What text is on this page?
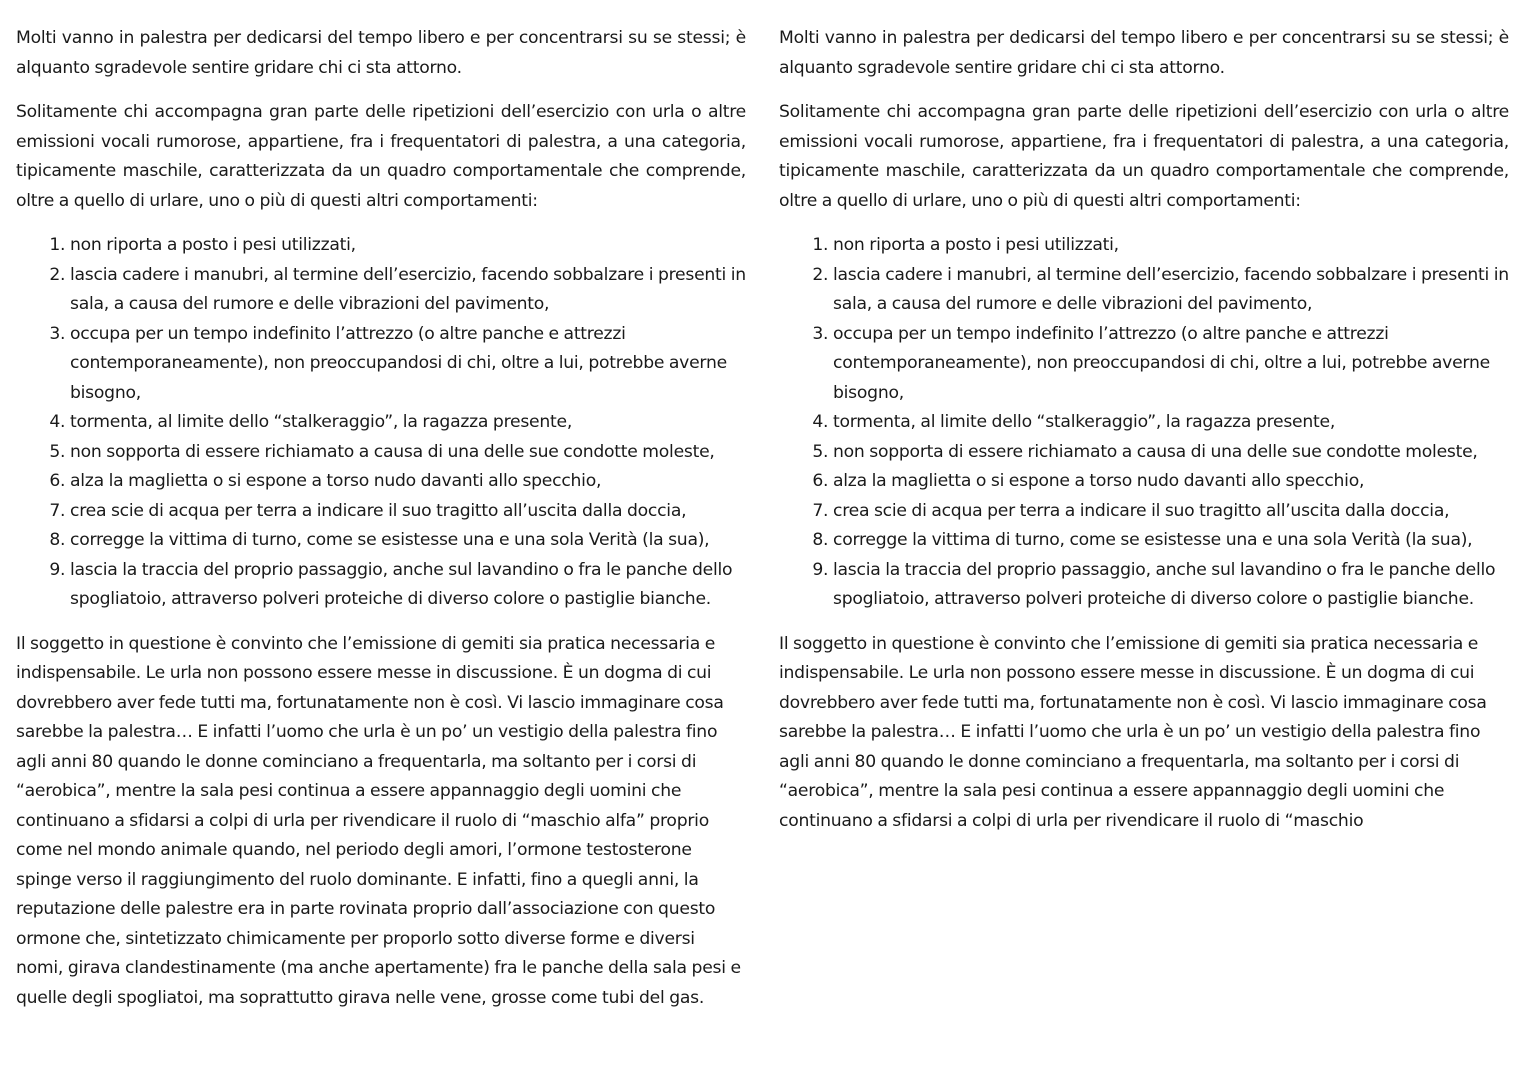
Molti vanno in palestra per dedicarsi del tempo libero e per concentrarsi su se stessi; è alquanto sgradevole sentire gridare chi ci sta attorno.

Solitamente chi accompagna gran parte delle ripetizioni dell’esercizio con urla o altre emissioni vocali rumorose, appartiene, fra i frequentatori di palestra, a una categoria, tipicamente maschile, caratterizzata da un quadro comportamentale che comprende, oltre a quello di urlare, uno o più di questi altri comportamenti:

1. non riporta a posto i pesi utilizzati,
2. lascia cadere i manubri, al termine dell’esercizio, facendo sobbalzare i presenti in sala, a causa del rumore e delle vibrazioni del pavimento,
3. occupa per un tempo indefinito l’attrezzo (o altre panche e attrezzi contemporaneamente), non preoccupandosi di chi, oltre a lui, potrebbe averne bisogno,
4. tormenta, al limite dello “stalkeraggio”, la ragazza presente,
5. non sopporta di essere richiamato a causa di una delle sue condotte moleste,
6. alza la maglietta o si espone a torso nudo davanti allo specchio,
7. crea scie di acqua per terra a indicare il suo tragitto all’uscita dalla doccia,
8. corregge la vittima di turno, come se esistesse una e una sola Verità (la sua),
9. lascia la traccia del proprio passaggio, anche sul lavandino o fra le panche dello spogliatoio, attraverso polveri proteiche di diverso colore o pastiglie bianche.

Il soggetto in questione è convinto che l’emissione di gemiti sia pratica necessaria e indispensabile. Le urla non possono essere messe in discussione. È un dogma di cui dovrebbero aver fede tutti ma, fortunatamente non è così. Vi lascio immaginare cosa sarebbe la palestra… E infatti l’uomo che urla è un po’ un vestigio della palestra fino agli anni 80 quando le donne cominciano a frequentarla, ma soltanto per i corsi di “aerobica”, mentre la sala pesi continua a essere appannaggio degli uomini che continuano a sfidarsi a colpi di urla per rivendicare il ruolo di “maschio alfa” proprio come nel mondo animale quando, nel periodo degli amori, l’ormone testosterone spinge verso il raggiungimento del ruolo dominante. E infatti, fino a quegli anni, la reputazione delle palestre era in parte rovinata proprio dall’associazione con questo ormone che, sintetizzato chimicamente per proporlo sotto diverse forme e diversi nomi, girava clandestinamente (ma anche apertamente) fra le panche della sala pesi e quelle degli spogliatoi, ma soprattutto girava nelle vene, grosse come tubi del gas.

Molti vanno in palestra per dedicarsi del tempo libero e per concentrarsi su se stessi; è alquanto sgradevole sentire gridare chi ci sta attorno.

Solitamente chi accompagna gran parte delle ripetizioni dell’esercizio con urla o altre emissioni vocali rumorose, appartiene, fra i frequentatori di palestra, a una categoria, tipicamente maschile, caratterizzata da un quadro comportamentale che comprende, oltre a quello di urlare, uno o più di questi altri comportamenti:

1. non riporta a posto i pesi utilizzati,
2. lascia cadere i manubri, al termine dell’esercizio, facendo sobbalzare i presenti in sala, a causa del rumore e delle vibrazioni del pavimento,
3. occupa per un tempo indefinito l’attrezzo (o altre panche e attrezzi contemporaneamente), non preoccupandosi di chi, oltre a lui, potrebbe averne bisogno,
4. tormenta, al limite dello “stalkeraggio”, la ragazza presente,
5. non sopporta di essere richiamato a causa di una delle sue condotte moleste,
6. alza la maglietta o si espone a torso nudo davanti allo specchio,
7. crea scie di acqua per terra a indicare il suo tragitto all’uscita dalla doccia,
8. corregge la vittima di turno, come se esistesse una e una sola Verità (la sua),
9. lascia la traccia del proprio passaggio, anche sul lavandino o fra le panche dello spogliatoio, attraverso polveri proteiche di diverso colore o pastiglie bianche.

Il soggetto in questione è convinto che l’emissione di gemiti sia pratica necessaria e indispensabile. Le urla non possono essere messe in discussione. È un dogma di cui dovrebbero aver fede tutti ma, fortunatamente non è così. Vi lascio immaginare cosa sarebbe la palestra… E infatti l’uomo che urla è un po’ un vestigio della palestra fino agli anni 80 quando le donne cominciano a frequentarla, ma soltanto per i corsi di “aerobica”, mentre la sala pesi continua a essere appannaggio degli uomini che continuano a sfidarsi a colpi di urla per rivendicare il ruolo di “maschio
